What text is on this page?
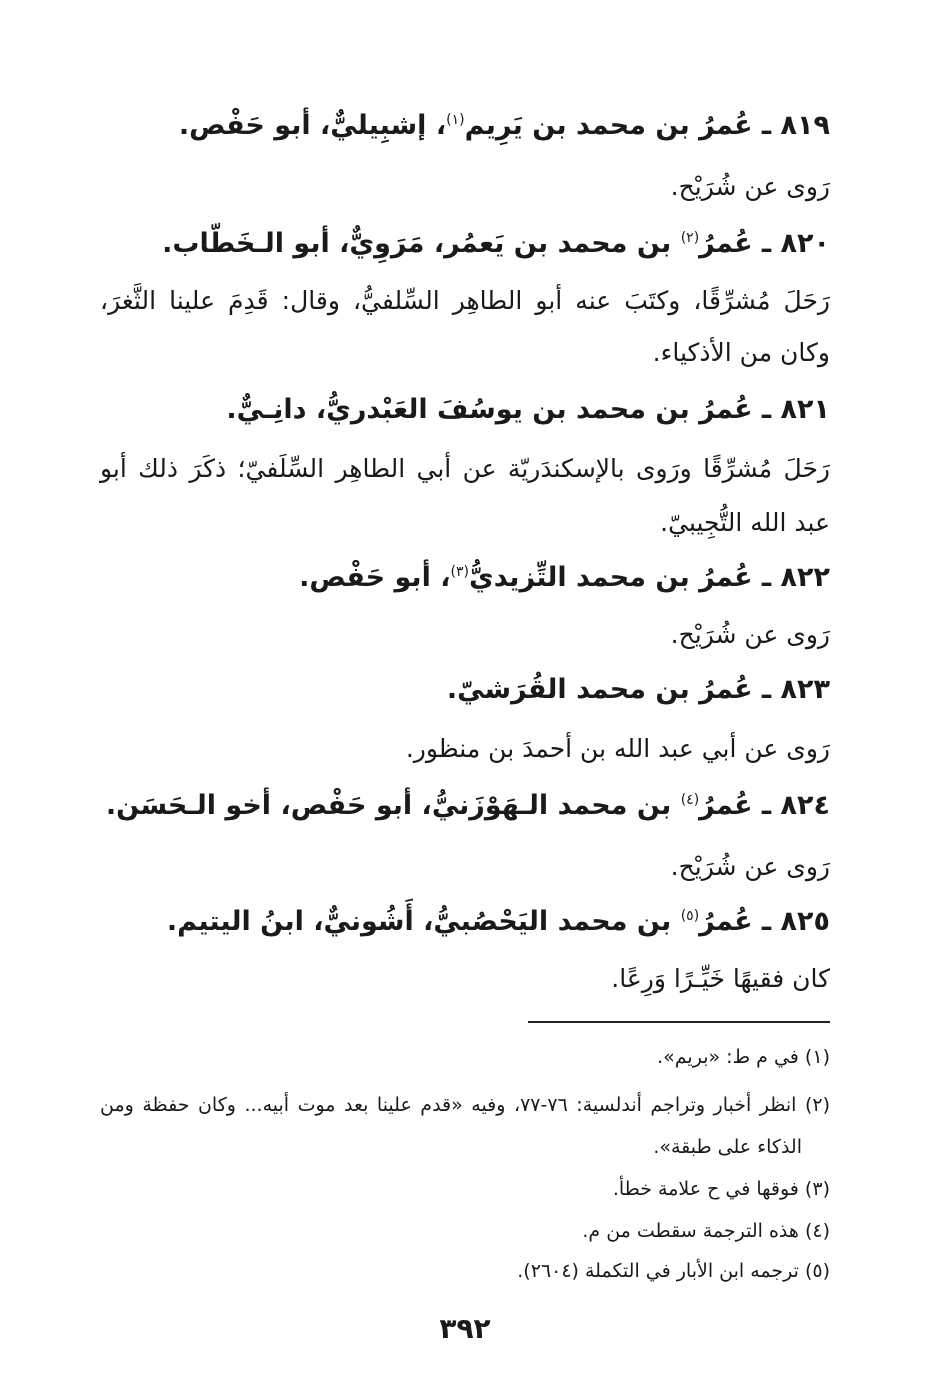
٨١٩ ـ عُمرُ بن محمد بن يَرِيم$^{(١)}$، إشبِيليٌّ، أبو حَفْص.
رَوى عن شُرَيْح.
٨٢٠ ـ عُمرُ$^{(٢)}$ بن محمد بن يَعمُر، مَرَوِيٌّ، أبو الـخَطّاب.
رَحَلَ مُشرِّقًا، وكتَبَ عنه أبو الطاهِر السِّلفيُّ، وقال: قَدِمَ علينا الثَّغرَ،
وكان من الأذكياء.
٨٢١ ـ عُمرُ بن محمد بن يوسُفَ العَبْدريُّ، دانِـيٌّ.
رَحَلَ مُشرِّقًا ورَوى بالإسكندَريّة عن أبي الطاهِر السِّلَفيّ؛ ذكَرَ ذلك أبو
عبد الله التُّجِيبيّ.
٨٢٢ ـ عُمرُ بن محمد التِّزيديُّ$^{(٣)}$، أبو حَفْص.
رَوى عن شُرَيْح.
٨٢٣ ـ عُمرُ بن محمد القُرَشيّ.
رَوى عن أبي عبد الله بن أحمدَ بن منظور.
٨٢٤ ـ عُمرُ$^{(٤)}$ بن محمد الـهَوْزَنيُّ، أبو حَفْص، أخو الـحَسَن.
رَوى عن شُرَيْح.
٨٢٥ ـ عُمرُ$^{(٥)}$ بن محمد اليَحْصُبيُّ، أَشُونيٌّ، ابنُ اليتيم.
كان فقيهًا خَيِّـرًا وَرِعًا.
(١) في م ط: «بريم».
(٢) انظر أخبار وتراجم أندلسية: ٧٦-٧٧، وفيه «قدم علينا بعد موت أبيه... وكان حفظة ومن
الذكاء على طبقة».
(٣) فوقها في ح علامة خطأ.
(٤) هذه الترجمة سقطت من م.
(٥) ترجمه ابن الأبار في التكملة (٢٦٠٤).
٣٩٢
